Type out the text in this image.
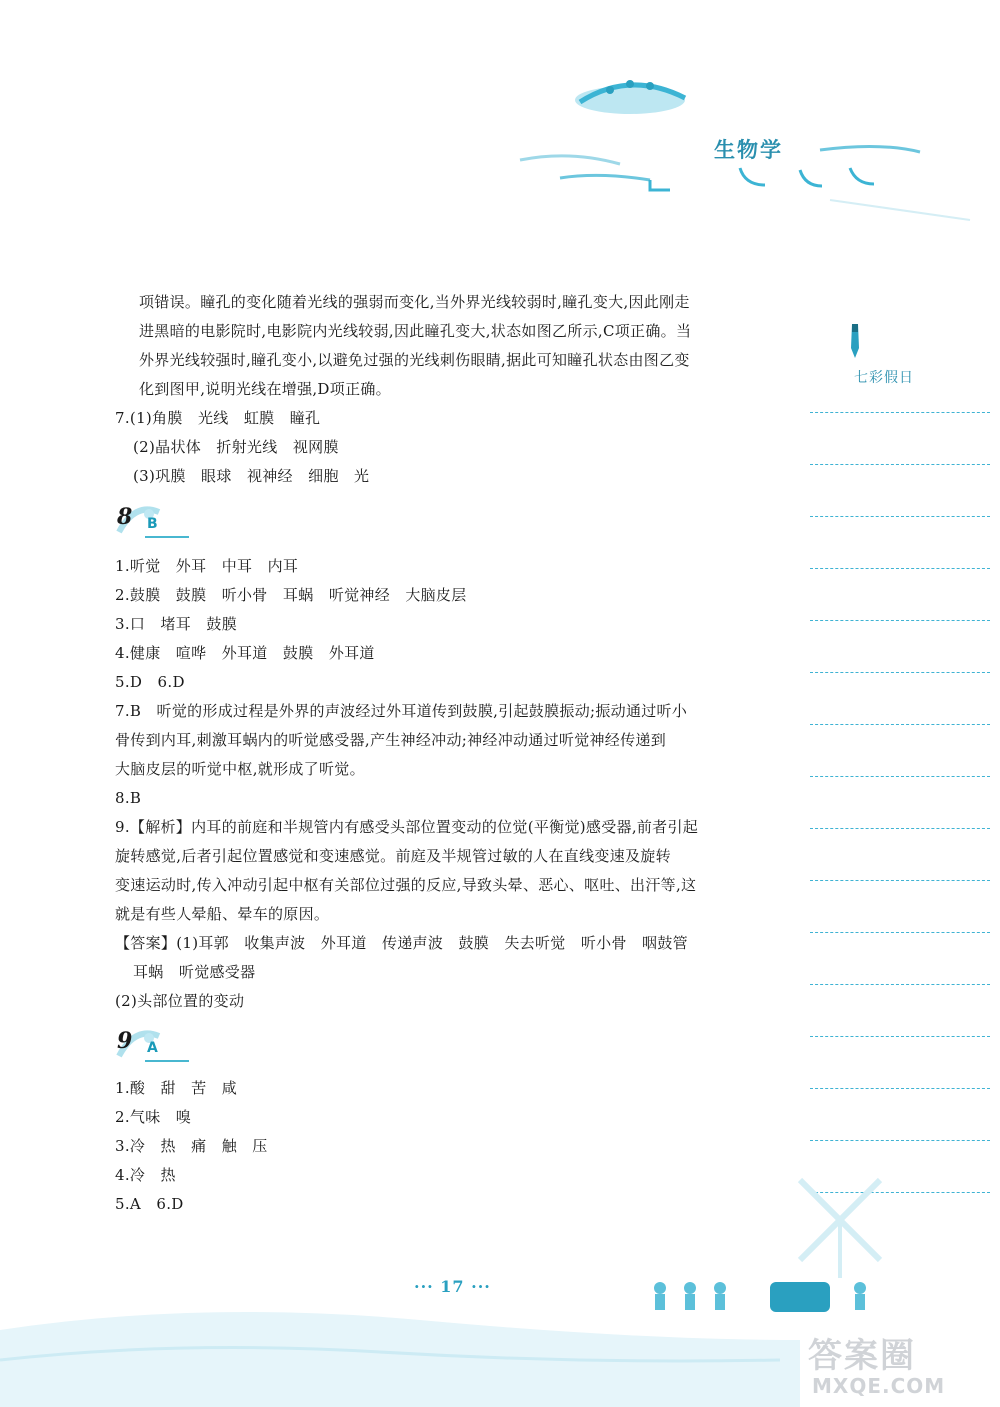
生物学
七彩假日
项错误。瞳孔的变化随着光线的强弱而变化,当外界光线较弱时,瞳孔变大,因此刚走
进黑暗的电影院时,电影院内光线较弱,因此瞳孔变大,状态如图乙所示,C项正确。当
外界光线较强时,瞳孔变小,以避免过强的光线刺伤眼睛,据此可知瞳孔状态由图乙变
化到图甲,说明光线在增强,D项正确。
7.(1)角膜　光线　虹膜　瞳孔
(2)晶状体　折射光线　视网膜
(3)巩膜　眼球　视神经　细胞　光
8 B
1.听觉　外耳　中耳　内耳
2.鼓膜　鼓膜　听小骨　耳蜗　听觉神经　大脑皮层
3.口　堵耳　鼓膜
4.健康　喧哗　外耳道　鼓膜　外耳道
5.D　6.D
7.B　听觉的形成过程是外界的声波经过外耳道传到鼓膜,引起鼓膜振动;振动通过听小
骨传到内耳,刺激耳蜗内的听觉感受器,产生神经冲动;神经冲动通过听觉神经传递到
大脑皮层的听觉中枢,就形成了听觉。
8.B
9.【解析】内耳的前庭和半规管内有感受头部位置变动的位觉(平衡觉)感受器,前者引起
旋转感觉,后者引起位置感觉和变速感觉。前庭及半规管过敏的人在直线变速及旋转
变速运动时,传入冲动引起中枢有关部位过强的反应,导致头晕、恶心、呕吐、出汗等,这
就是有些人晕船、晕车的原因。
【答案】(1)耳郭　收集声波　外耳道　传递声波　鼓膜　失去听觉　听小骨　咽鼓管
耳蜗　听觉感受器
(2)头部位置的变动
9 A
1.酸　甜　苦　咸
2.气味　嗅
3.冷　热　痛　触　压
4.冷　热
5.A　6.D
··· 17 ···
答案圈
MXQE.COM
